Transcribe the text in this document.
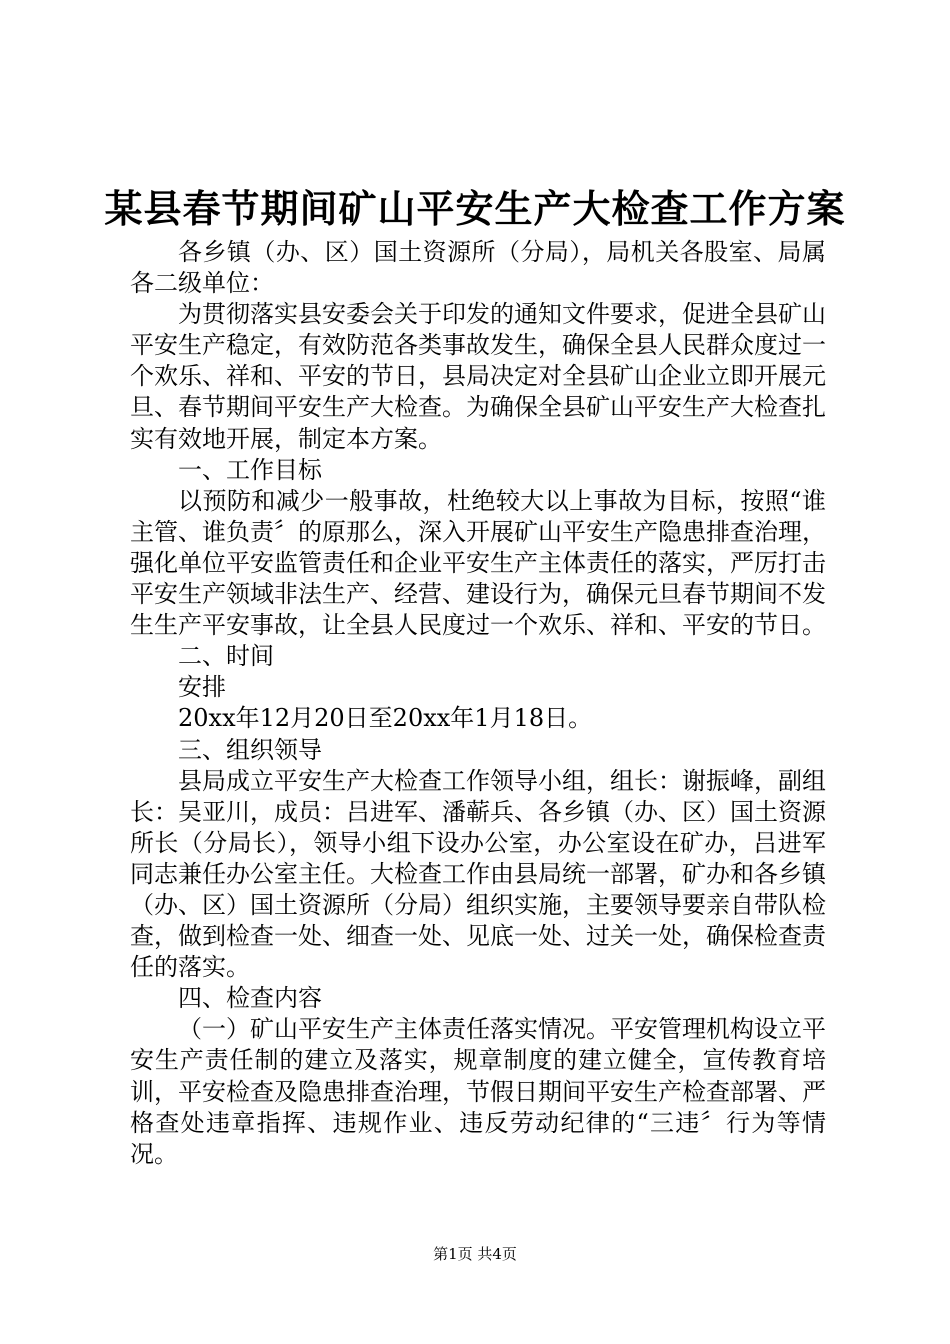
某县春节期间矿山平安生产大检查工作方案

各乡镇（办、区）国土资源所（分局），局机关各股室、局属各二级单位：

为贯彻落实县安委会关于印发的通知文件要求，促进全县矿山平安生产稳定，有效防范各类事故发生，确保全县人民群众度过一个欢乐、祥和、平安的节日，县局决定对全县矿山企业立即开展元旦、春节期间平安生产大检查。为确保全县矿山平安生产大检查扎实有效地开展，制定本方案。

一、工作目标

以预防和减少一般事故，杜绝较大以上事故为目标，按照“谁主管、谁负责〞的原那么，深入开展矿山平安生产隐患排查治理，强化单位平安监管责任和企业平安生产主体责任的落实，严厉打击平安生产领域非法生产、经营、建设行为，确保元旦春节期间不发生生产平安事故，让全县人民度过一个欢乐、祥和、平安的节日。

二、时间

安排

20xx年12月20日至20xx年1月18日。

三、组织领导

县局成立平安生产大检查工作领导小组，组长：谢振峰，副组长：吴亚川，成员：吕进军、潘蕲兵、各乡镇（办、区）国土资源所长（分局长），领导小组下设办公室，办公室设在矿办，吕进军同志兼任办公室主任。大检查工作由县局统一部署，矿办和各乡镇（办、区）国土资源所（分局）组织实施，主要领导要亲自带队检查，做到检查一处、细查一处、见底一处、过关一处，确保检查责任的落实。

四、检查内容

（一）矿山平安生产主体责任落实情况。平安管理机构设立平安生产责任制的建立及落实，规章制度的建立健全，宣传教育培训，平安检查及隐患排查治理，节假日期间平安生产检查部署、严格查处违章指挥、违规作业、违反劳动纪律的“三违〞行为等情况。

第1页 共4页
